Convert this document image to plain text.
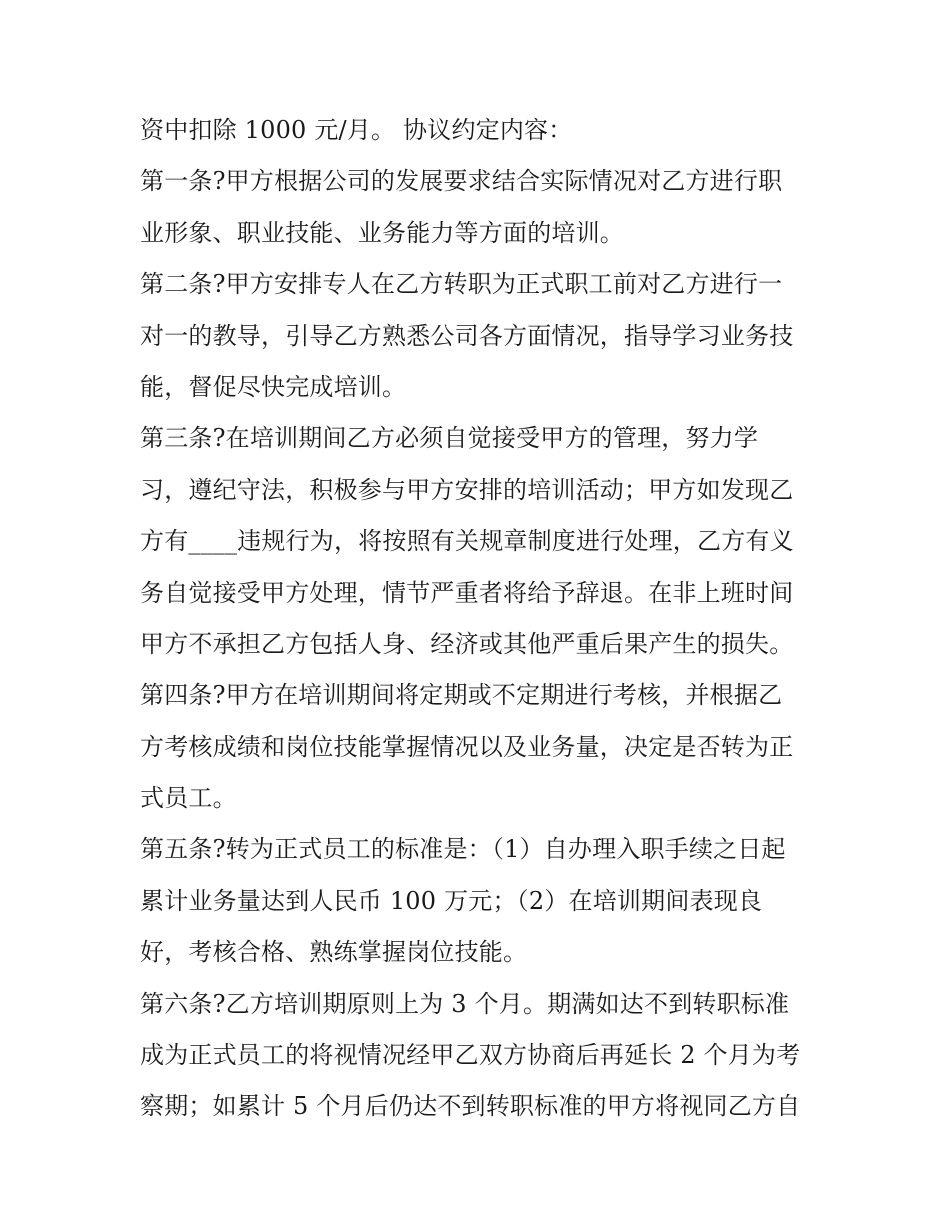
资中扣除 1000 元/月。 协议约定内容：
第一条?甲方根据公司的发展要求结合实际情况对乙方进行职
业形象、职业技能、业务能力等方面的培训。
第二条?甲方安排专人在乙方转职为正式职工前对乙方进行一
对一的教导，引导乙方熟悉公司各方面情况，指导学习业务技
能，督促尽快完成培训。
第三条?在培训期间乙方必须自觉接受甲方的管理，努力学
习，遵纪守法，积极参与甲方安排的培训活动；甲方如发现乙
方有____违规行为，将按照有关规章制度进行处理，乙方有义
务自觉接受甲方处理，情节严重者将给予辞退。在非上班时间
甲方不承担乙方包括人身、经济或其他严重后果产生的损失。
第四条?甲方在培训期间将定期或不定期进行考核，并根据乙
方考核成绩和岗位技能掌握情况以及业务量，决定是否转为正
式员工。
第五条?转为正式员工的标准是：（1）自办理入职手续之日起
累计业务量达到人民币 100 万元；（2）在培训期间表现良
好，考核合格、熟练掌握岗位技能。
第六条?乙方培训期原则上为 3 个月。期满如达不到转职标准
成为正式员工的将视情况经甲乙双方协商后再延长 2 个月为考
察期；如累计 5 个月后仍达不到转职标准的甲方将视同乙方自
